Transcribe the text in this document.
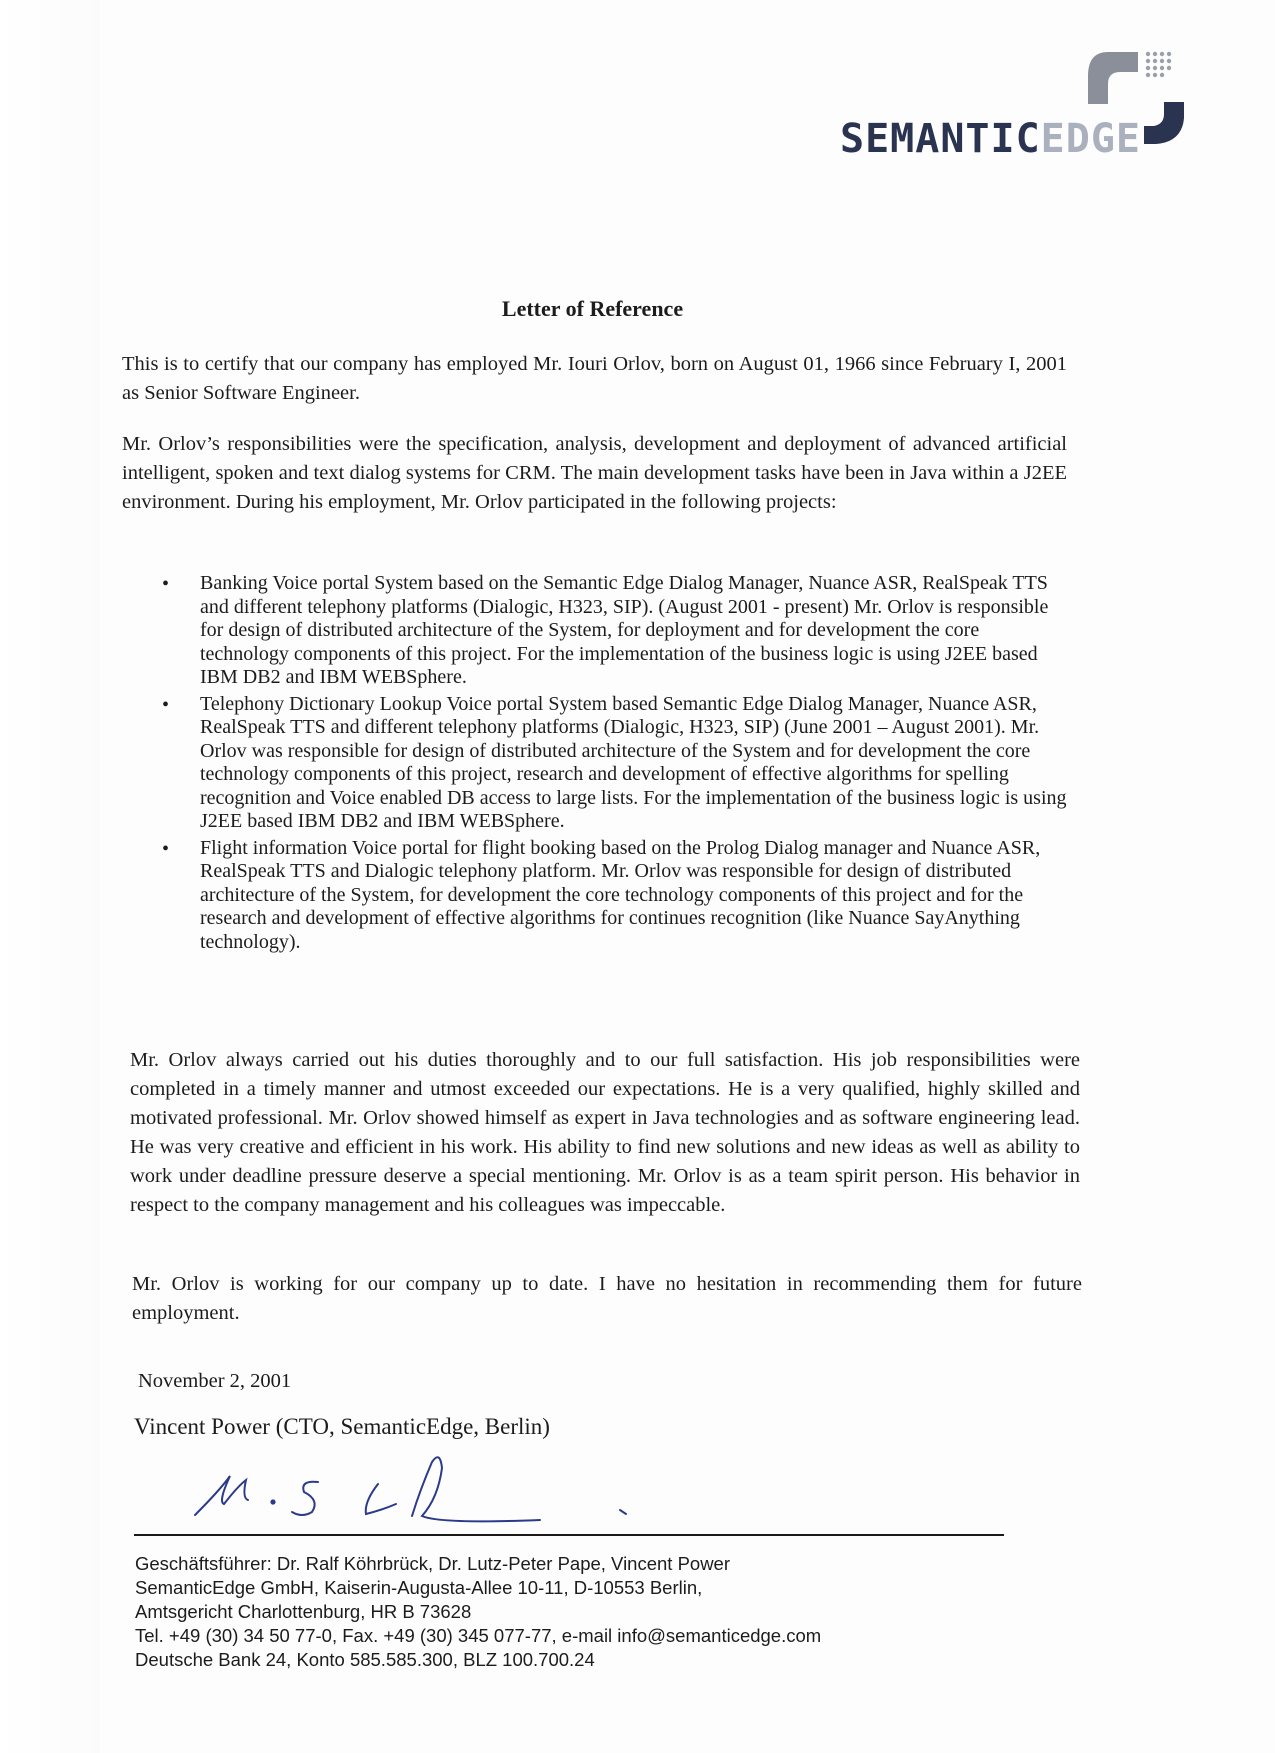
SEMANTICEDGE
Letter of Reference
This is to certify that our company has employed Mr. Iouri Orlov, born on August 01, 1966 since February I, 2001 as Senior Software Engineer.
Mr. Orlov’s responsibilities were the specification, analysis, development and deployment of advanced artificial intelligent, spoken and text dialog systems for CRM. The main development tasks have been in Java within a J2EE environment. During his employment, Mr. Orlov participated in the following projects:
• Banking Voice portal System based on the Semantic Edge Dialog Manager, Nuance ASR, RealSpeak TTS and different telephony platforms (Dialogic, H323, SIP). (August 2001 - present) Mr. Orlov is responsible for design of distributed architecture of the System, for deployment and for development the core technology components of this project. For the implementation of the business logic is using J2EE based IBM DB2 and IBM WEBSphere.
• Telephony Dictionary Lookup Voice portal System based Semantic Edge Dialog Manager, Nuance ASR, RealSpeak TTS and different telephony platforms (Dialogic, H323, SIP) (June 2001 – August 2001). Mr. Orlov was responsible for design of distributed architecture of the System and for development the core technology components of this project, research and development of effective algorithms for spelling recognition and Voice enabled DB access to large lists. For the implementation of the business logic is using J2EE based IBM DB2 and IBM WEBSphere.
• Flight information Voice portal for flight booking based on the Prolog Dialog manager and Nuance ASR, RealSpeak TTS and Dialogic telephony platform. Mr. Orlov was responsible for design of distributed architecture of the System, for development the core technology components of this project and for the research and development of effective algorithms for continues recognition (like Nuance SayAnything technology).
Mr. Orlov always carried out his duties thoroughly and to our full satisfaction. His job responsibilities were completed in a timely manner and utmost exceeded our expectations. He is a very qualified, highly skilled and motivated professional. Mr. Orlov showed himself as expert in Java technologies and as software engineering lead. He was very creative and efficient in his work. His ability to find new solutions and new ideas as well as ability to work under deadline pressure deserve a special mentioning. Mr. Orlov is as a team spirit person. His behavior in respect to the company management and his colleagues was impeccable.
Mr. Orlov is working for our company up to date. I have no hesitation in recommending them for future employment.
November 2, 2001
Vincent Power (CTO, SemanticEdge, Berlin)
Geschäftsführer: Dr. Ralf Köhrbrück, Dr. Lutz-Peter Pape, Vincent Power
SemanticEdge GmbH, Kaiserin-Augusta-Allee 10-11, D-10553 Berlin,
Amtsgericht Charlottenburg, HR B 73628
Tel. +49 (30) 34 50 77-0, Fax. +49 (30) 345 077-77, e-mail info@semanticedge.com
Deutsche Bank 24, Konto 585.585.300, BLZ 100.700.24
